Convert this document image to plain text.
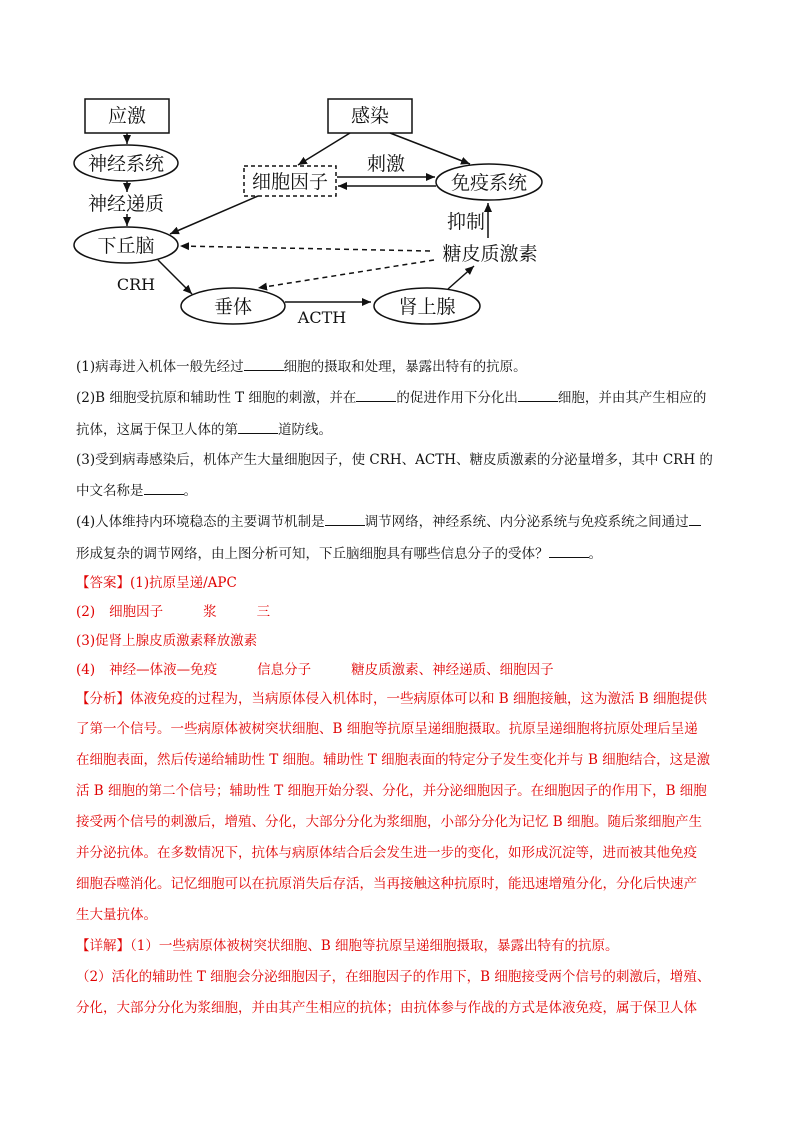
应激	感染
神经系统
细胞因子	免疫系统
下丘脑
垂体	肾上腺
糖皮质激素
神经递质
刺激
抑制
CRH
ACTH
(1)病毒进入机体一般先经过	细胞的摄取和处理，暴露出特有的抗原。
(2)B 细胞受抗原和辅助性 T 细胞的刺激，并在	的促进作用下分化出	细胞，并由其产生相应的
抗体，这属于保卫人体的第	道防线。
(3)受到病毒感染后，机体产生大量细胞因子，使 CRH、ACTH、糖皮质激素的分泌量增多，其中 CRH 的
中文名称是	。
(4)人体维持内环境稳态的主要调节机制是	调节网络，神经系统、内分泌系统与免疫系统之间通过
形成复杂的调节网络，由上图分析可知，下丘脑细胞具有哪些信息分子的受体？	。
【答案】(1)抗原呈递/APC
(2) 细胞因子	浆	三
(3)促肾上腺皮质激素释放激素
(4) 神经—体液—免疫	信息分子	糖皮质激素、神经递质、细胞因子
【分析】体液免疫的过程为，当病原体侵入机体时，一些病原体可以和 B 细胞接触，这为激活 B 细胞提供
了第一个信号。一些病原体被树突状细胞、B 细胞等抗原呈递细胞摄取。抗原呈递细胞将抗原处理后呈递
在细胞表面，然后传递给辅助性 T 细胞。辅助性 T 细胞表面的特定分子发生变化并与 B 细胞结合，这是激
活 B 细胞的第二个信号；辅助性 T 细胞开始分裂、分化，并分泌细胞因子。在细胞因子的作用下，B 细胞
接受两个信号的刺激后，增殖、分化，大部分分化为浆细胞，小部分分化为记忆 B 细胞。随后浆细胞产生
并分泌抗体。在多数情况下，抗体与病原体结合后会发生进一步的变化，如形成沉淀等，进而被其他免疫
细胞吞噬消化。记忆细胞可以在抗原消失后存活，当再接触这种抗原时，能迅速增殖分化，分化后快速产
生大量抗体。
【详解】（1）一些病原体被树突状细胞、B 细胞等抗原呈递细胞摄取，暴露出特有的抗原。
（2）活化的辅助性 T 细胞会分泌细胞因子，在细胞因子的作用下，B 细胞接受两个信号的刺激后，增殖、
分化，大部分分化为浆细胞，并由其产生相应的抗体；由抗体参与作战的方式是体液免疫，属于保卫人体
